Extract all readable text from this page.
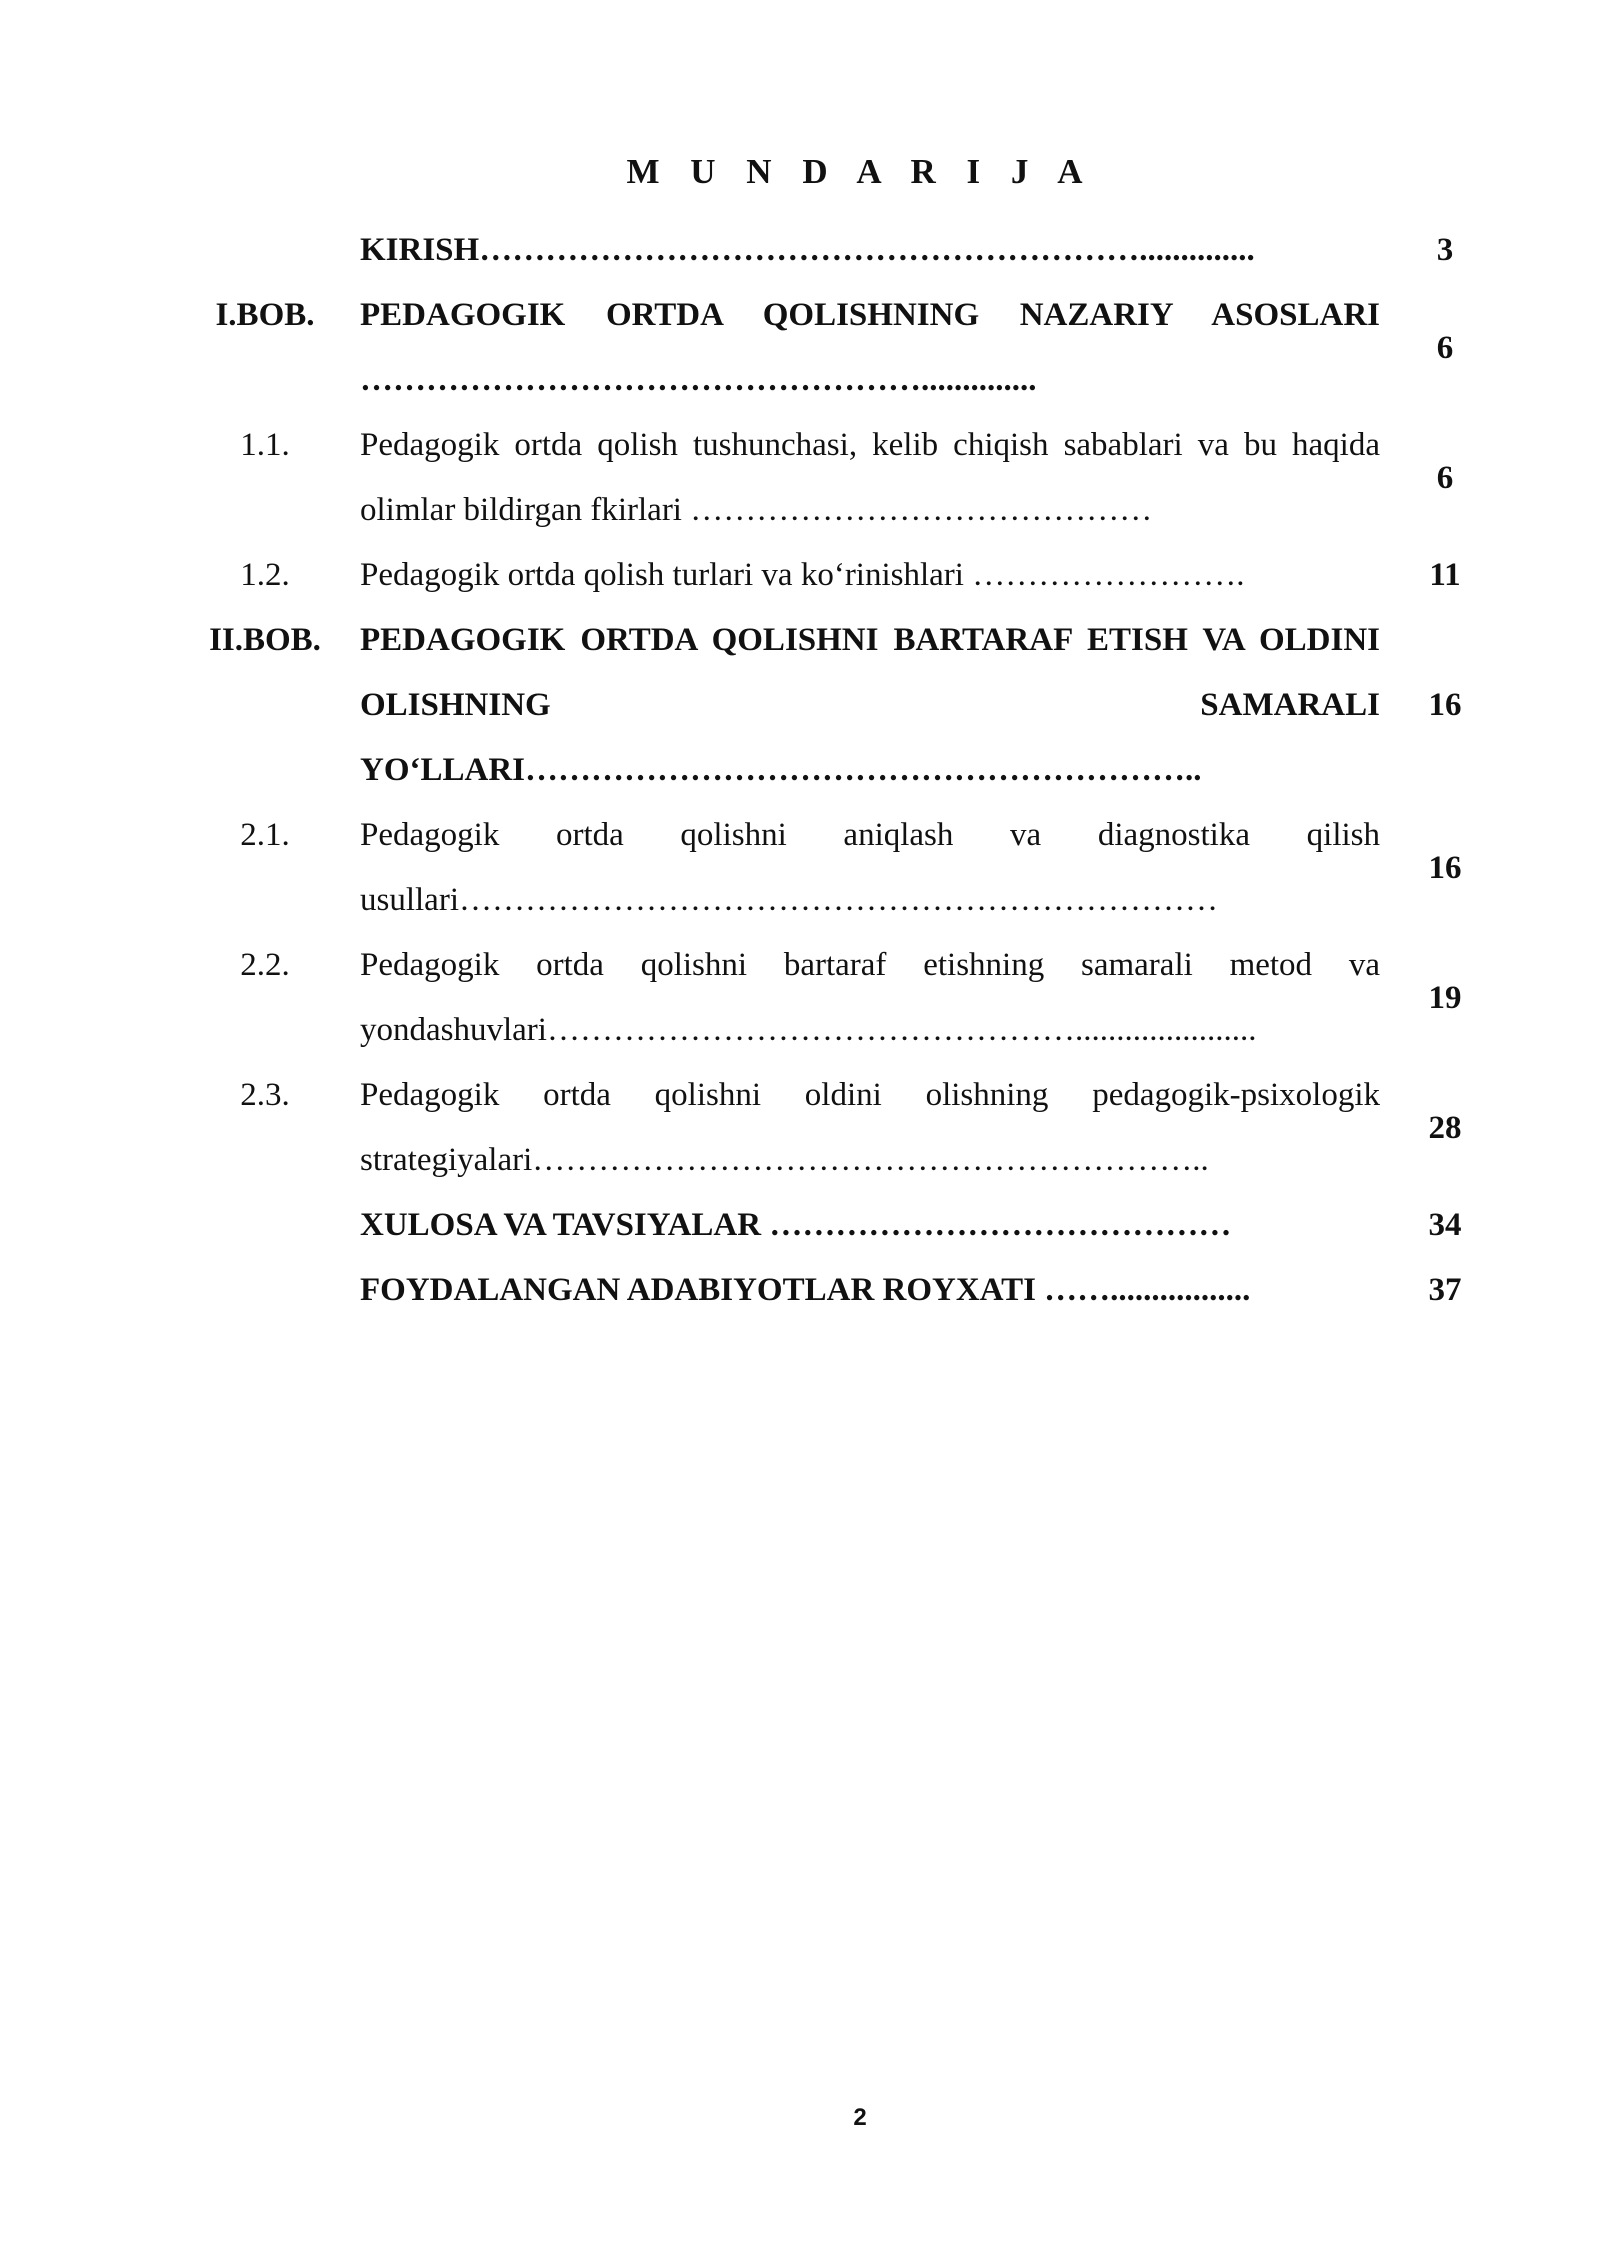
M U N D A R I J A
	KIRISH……………………………………………………..............	3
I.BOB.	PEDAGOGIK ORTDA QOLISHNING NAZARIY ASOSLARI ……………………………………………..............	6
1.1.	Pedagogik ortda qolish tushunchasi, kelib chiqish sabablari va bu haqida olimlar bildirgan fkirlari ……………………………………	6
1.2.	Pedagogik ortda qolish turlari va ko‘rinishlari …………………….	11
II.BOB.	PEDAGOGIK ORTDA QOLISHNI BARTARAF ETISH VA OLDINI OLISHNING SAMARALI YO‘LLARI……………………………………………………..	16
2.1.	Pedagogik ortda qolishni aniqlash va diagnostika qilish usullari……………………………………………………………	16
2.2.	Pedagogik ortda qolishni bartaraf etishning samarali metod va yondashuvlari…………………………………………......................	19
2.3.	Pedagogik ortda qolishni oldini olishning pedagogik-psixologik strategiyalari……………………………………………………..	28
	XULOSA VA TAVSIYALAR ……………………………………	34
	FOYDALANGAN ADABIYOTLAR ROYXATI …….................	37
2
